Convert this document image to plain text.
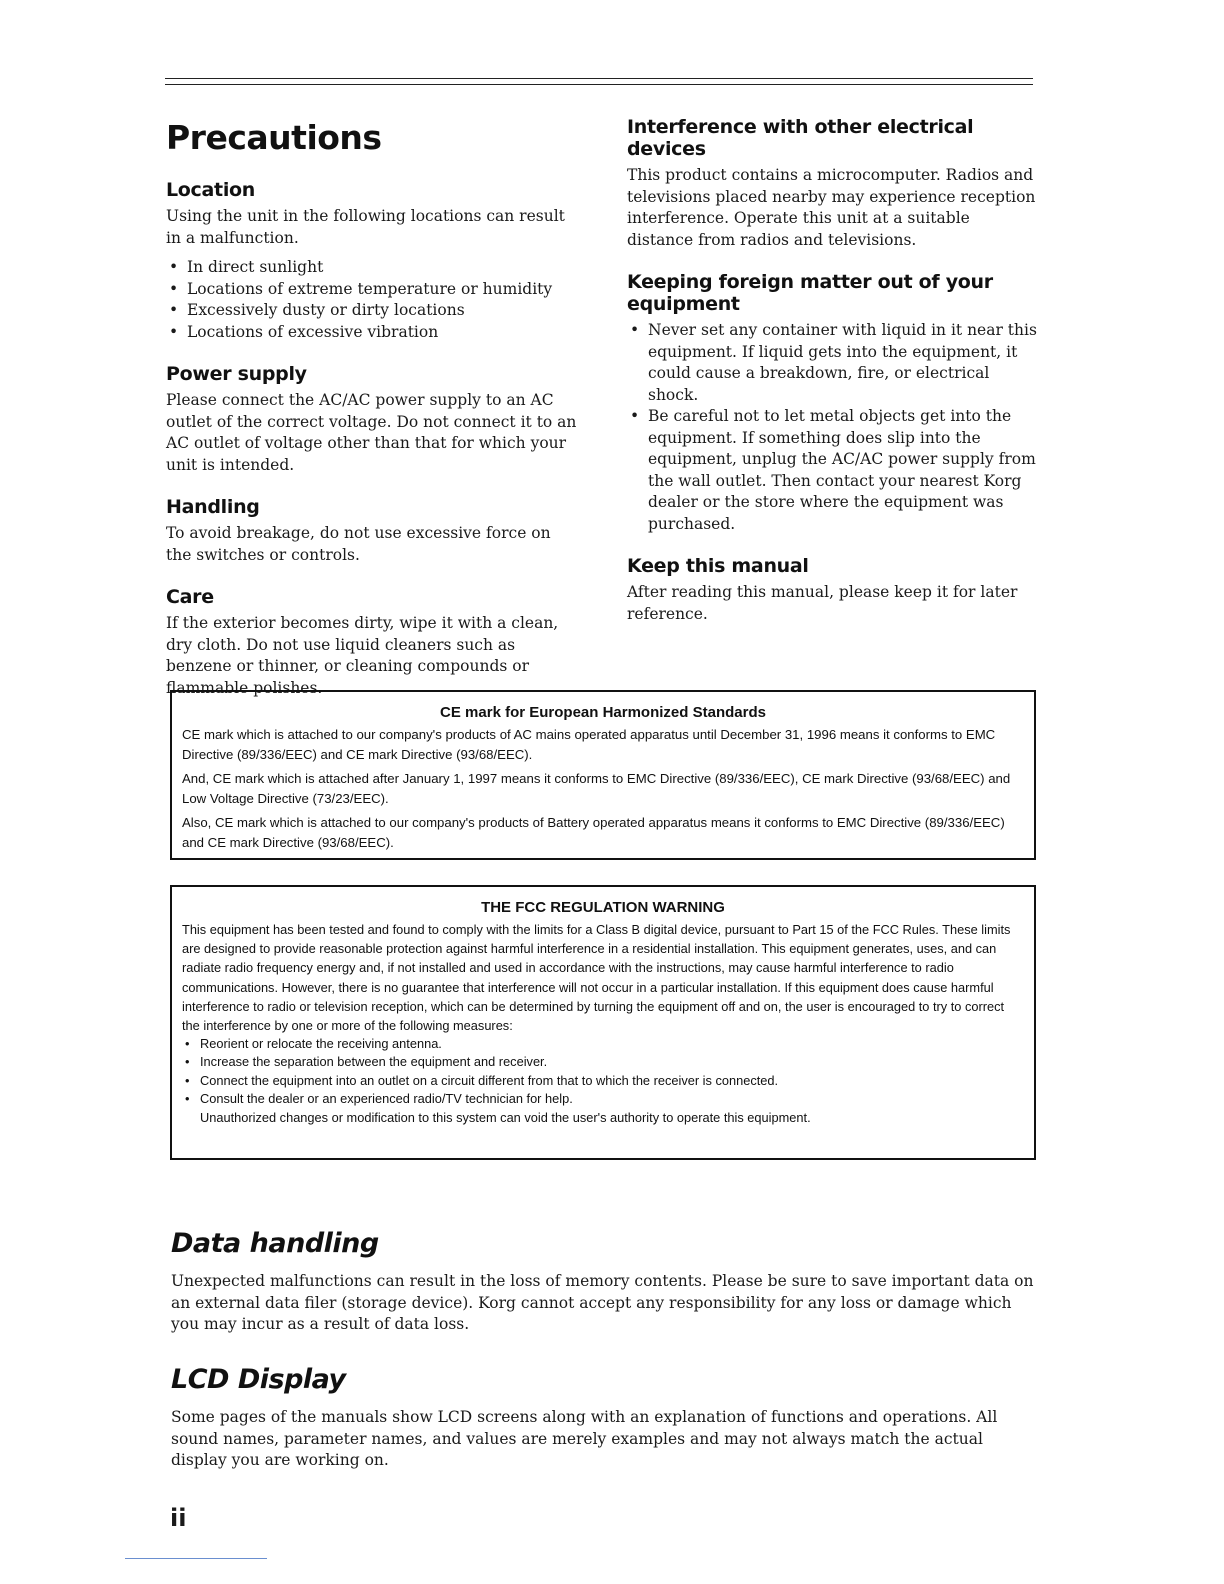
Precautions
Location

Using the unit in the following locations can result in a malfunction.

• In direct sunlight
• Locations of extreme temperature or humidity
• Excessively dusty or dirty locations
• Locations of excessive vibration
Power supply

Please connect the AC/AC power supply to an AC outlet of the correct voltage. Do not connect it to an AC outlet of voltage other than that for which your unit is intended.

Handling

To avoid breakage, do not use excessive force on the switches or controls.

Care

If the exterior becomes dirty, wipe it with a clean, dry cloth. Do not use liquid cleaners such as benzene or thinner, or cleaning compounds or flammable polishes.

Interference with other electrical devices

This product contains a microcomputer. Radios and televisions placed nearby may experience reception interference. Operate this unit at a suitable distance from radios and televisions.

Keeping foreign matter out of your equipment
• Never set any container with liquid in it near this equipment. If liquid gets into the equipment, it could cause a breakdown, fire, or electrical shock.
• Be careful not to let metal objects get into the equipment. If something does slip into the equipment, unplug the AC/AC power supply from the wall outlet. Then contact your nearest Korg dealer or the store where the equipment was purchased.
Keep this manual

After reading this manual, please keep it for later reference.

CE mark for European Harmonized Standards

CE mark which is attached to our company's products of AC mains operated apparatus until December 31, 1996 means it conforms to EMC Directive (89/336/EEC) and CE mark Directive (93/68/EEC).

And, CE mark which is attached after January 1, 1997 means it conforms to EMC Directive (89/336/EEC), CE mark Directive (93/68/EEC) and Low Voltage Directive (73/23/EEC).

Also, CE mark which is attached to our company's products of Battery operated apparatus means it conforms to EMC Directive (89/336/EEC) and CE mark Directive (93/68/EEC).

THE FCC REGULATION WARNING

This equipment has been tested and found to comply with the limits for a Class B digital device, pursuant to Part 15 of the FCC Rules. These limits are designed to provide reasonable protection against harmful interference in a residential installation. This equipment generates, uses, and can radiate radio frequency energy and, if not installed and used in accordance with the instructions, may cause harmful interference to radio communications. However, there is no guarantee that interference will not occur in a particular installation. If this equipment does cause harmful interference to radio or television reception, which can be determined by turning the equipment off and on, the user is encouraged to try to correct the interference by one or more of the following measures:

• Reorient or relocate the receiving antenna.
• Increase the separation between the equipment and receiver.
• Connect the equipment into an outlet on a circuit different from that to which the receiver is connected.
• Consult the dealer or an experienced radio/TV technician for help.

Unauthorized changes or modification to this system can void the user's authority to operate this equipment.

Data handling

Unexpected malfunctions can result in the loss of memory contents. Please be sure to save important data on an external data filer (storage device). Korg cannot accept any responsibility for any loss or damage which you may incur as a result of data loss.

LCD Display

Some pages of the manuals show LCD screens along with an explanation of functions and operations. All sound names, parameter names, and values are merely examples and may not always match the actual display you are working on.

ii
